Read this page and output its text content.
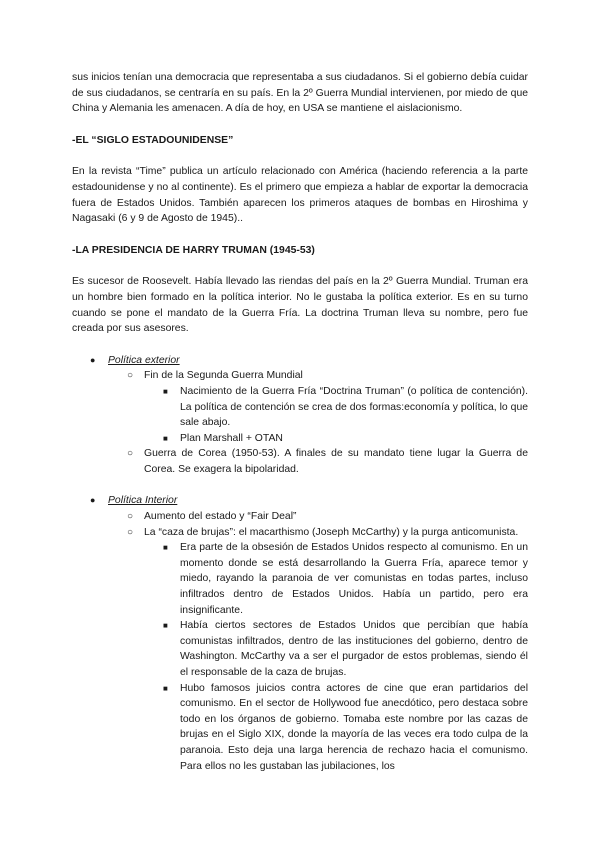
sus inicios tenían una democracia que representaba a sus ciudadanos. Si el gobierno debía cuidar de sus ciudadanos, se centraría en su país. En la 2º Guerra Mundial intervienen, por miedo de que China y Alemania les amenacen. A día de hoy, en USA se mantiene el aislacionismo.

-EL “SIGLO ESTADOUNIDENSE”

En la revista “Time” publica un artículo relacionado con América (haciendo referencia a la parte estadounidense y no al continente). Es el primero que empieza a hablar de exportar la democracia fuera de Estados Unidos. También aparecen los primeros ataques de bombas en Hiroshima y Nagasaki (6 y 9 de Agosto de 1945)..

-LA PRESIDENCIA DE HARRY TRUMAN (1945-53)

Es sucesor de Roosevelt. Había llevado las riendas del país en la 2º Guerra Mundial. Truman era un hombre bien formado en la política interior. No le gustaba la política exterior. Es en su turno cuando se pone el mandato de la Guerra Fría. La doctrina Truman lleva su nombre, pero fue creada por sus asesores.

● Política exterior
○ Fin de la Segunda Guerra Mundial

■ Nacimiento de la Guerra Fría “Doctrina Truman” (o política de contención). La política de contención se crea de dos formas:economía y política, lo que sale abajo.

■ Plan Marshall + OTAN

○ Guerra de Corea (1950-53). A finales de su mandato tiene lugar la Guerra de Corea. Se exagera la bipolaridad.

● Política Interior
○ Aumento del estado y “Fair Deal”

○ La “caza de brujas”: el macarthismo (Joseph McCarthy) y la purga anticomunista.

■ Era parte de la obsesión de Estados Unidos respecto al comunismo. En un momento donde se está desarrollando la Guerra Fría, aparece temor y miedo, rayando la paranoia de ver comunistas en todas partes, incluso infiltrados dentro de Estados Unidos. Había un partido, pero era insignificante.

■ Había ciertos sectores de Estados Unidos que percibían que había comunistas infiltrados, dentro de las instituciones del gobierno, dentro de Washington. McCarthy va a ser el purgador de estos problemas, siendo él el responsable de la caza de brujas.

■ Hubo famosos juicios contra actores de cine que eran partidarios del comunismo. En el sector de Hollywood fue anecdótico, pero destaca sobre todo en los órganos de gobierno. Tomaba este nombre por las cazas de brujas en el Siglo XIX, donde la mayoría de las veces era todo culpa de la paranoia. Esto deja una larga herencia de rechazo hacia el comunismo. Para ellos no les gustaban las jubilaciones, los
